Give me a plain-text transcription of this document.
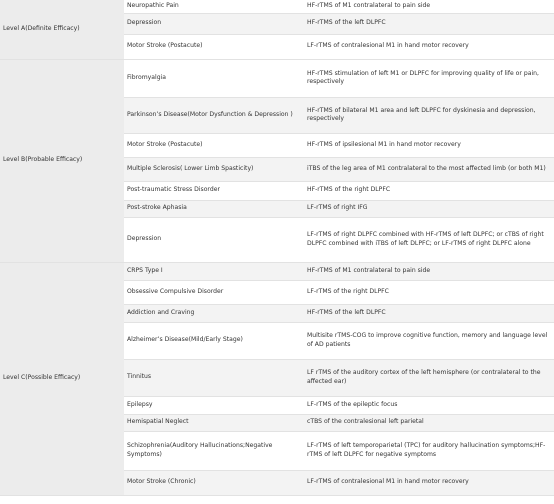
Level A(Definite Efficacy)	Neuropathic Pain	HF-rTMS of M1 contralateral to pain side
	Depression	HF-rTMS of the left DLPFC
	Motor Stroke (Postacute)	LF-rTMS of contralesional M1 in hand motor recovery
Level B(Probable Efficacy)	Fibromyalgia	HF-rTMS stimulation of left M1 or DLPFC for improving quality of life or pain, respectively
	Parkinson’s Disease(Motor Dysfunction & Depression )	HF-rTMS of bilateral M1 area and left DLPFC for dyskinesia and depression, respectively
	Motor Stroke (Postacute)	HF-rTMS of ipsilesional M1 in hand motor recovery
	Multiple Sclerosis( Lower Limb Spasticity)	iTBS of the leg area of M1 contralateral to the most affected limb (or both M1)
	Post-traumatic Stress Disorder	HF-rTMS of the right DLPFC
	Post-stroke Aphasia	LF-rTMS of right IFG
	Depression	LF-rTMS of right DLPFC combined with HF-rTMS of left DLPFC; or cTBS of right DLPFC combined with iTBS of left DLPFC; or LF-rTMS of right DLPFC alone
Level C(Possible Efficacy)	CRPS Type I	HF-rTMS of M1 contralateral to pain side
	Obsessive Compulsive Disorder	LF-rTMS of the right DLPFC
	Addiction and Craving	HF-rTMS of the left DLPFC
	Alzheimer’s Disease(Mild/Early Stage)	Multisite rTMS-COG to improve cognitive function, memory and language level of AD patients
	Tinnitus	LF rTMS of the auditory cortex of the left hemisphere (or contralateral to the affected ear)
	Epilepsy	LF-rTMS of the epileptic focus
	Hemispatial Neglect	cTBS of the contralesional left parietal
	Schizophrenia(Auditory Hallucinations;Negative Symptoms)	LF-rTMS of left temporoparietal (TPC) for auditory hallucination symptoms;HF-rTMS of left DLPFC for negative symptoms
	Motor Stroke (Chronic)	LF-rTMS of contralesional M1 in hand motor recovery
